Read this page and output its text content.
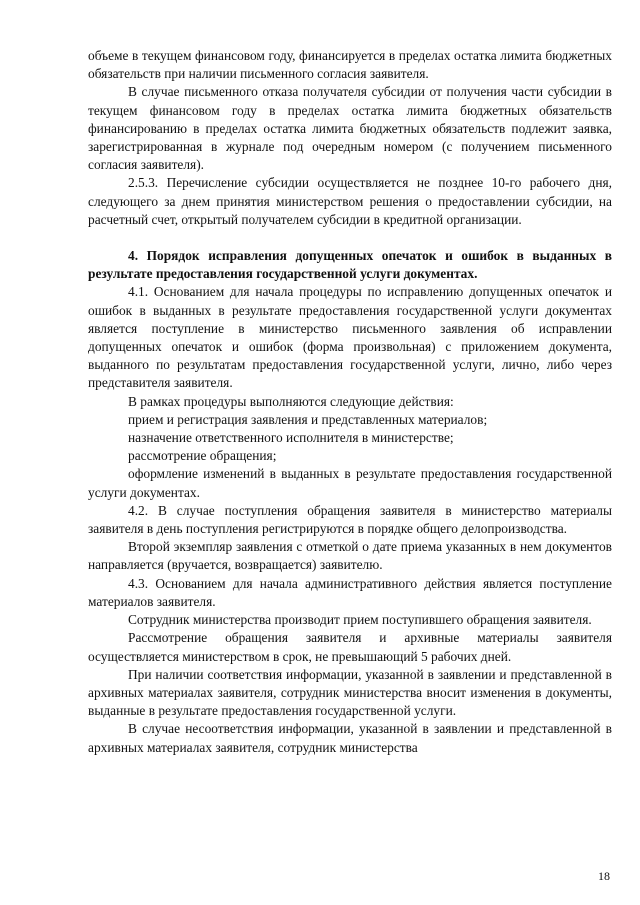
объеме в текущем финансовом году, финансируется в пределах остатка лимита бюджетных обязательств при наличии письменного согласия заявителя.

В случае письменного отказа получателя субсидии от получения части субсидии в текущем финансовом году в пределах остатка лимита бюджетных обязательств финансированию в пределах остатка лимита бюджетных обязательств подлежит заявка, зарегистрированная в журнале под очередным номером (с получением письменного согласия заявителя).

2.5.3. Перечисление субсидии осуществляется не позднее 10-го рабочего дня, следующего за днем принятия министерством решения о предоставлении субсидии, на расчетный счет, открытый получателем субсидии в кредитной организации.

4. Порядок исправления допущенных опечаток и ошибок в выданных в результате предоставления государственной услуги документах.

4.1. Основанием для начала процедуры по исправлению допущенных опечаток и ошибок в выданных в результате предоставления государственной услуги документах является поступление в министерство письменного заявления об исправлении допущенных опечаток и ошибок (форма произвольная) с приложением документа, выданного по результатам предоставления государственной услуги, лично, либо через представителя заявителя.

В рамках процедуры выполняются следующие действия:

прием и регистрация заявления и представленных материалов;

назначение ответственного исполнителя в министерстве;

рассмотрение обращения;

оформление изменений в выданных в результате предоставления государственной услуги документах.

4.2. В случае поступления обращения заявителя в министерство материалы заявителя в день поступления регистрируются в порядке общего делопроизводства.

Второй экземпляр заявления с отметкой о дате приема указанных в нем документов направляется (вручается, возвращается) заявителю.

4.3. Основанием для начала административного действия является поступление материалов заявителя.

Сотрудник министерства производит прием поступившего обращения заявителя.

Рассмотрение обращения заявителя и архивные материалы заявителя осуществляется министерством в срок, не превышающий 5 рабочих дней.

При наличии соответствия информации, указанной в заявлении и представленной в архивных материалах заявителя, сотрудник министерства вносит изменения в документы, выданные в результате предоставления государственной услуги.

В случае несоответствия информации, указанной в заявлении и представленной в архивных материалах заявителя, сотрудник министерства

18
